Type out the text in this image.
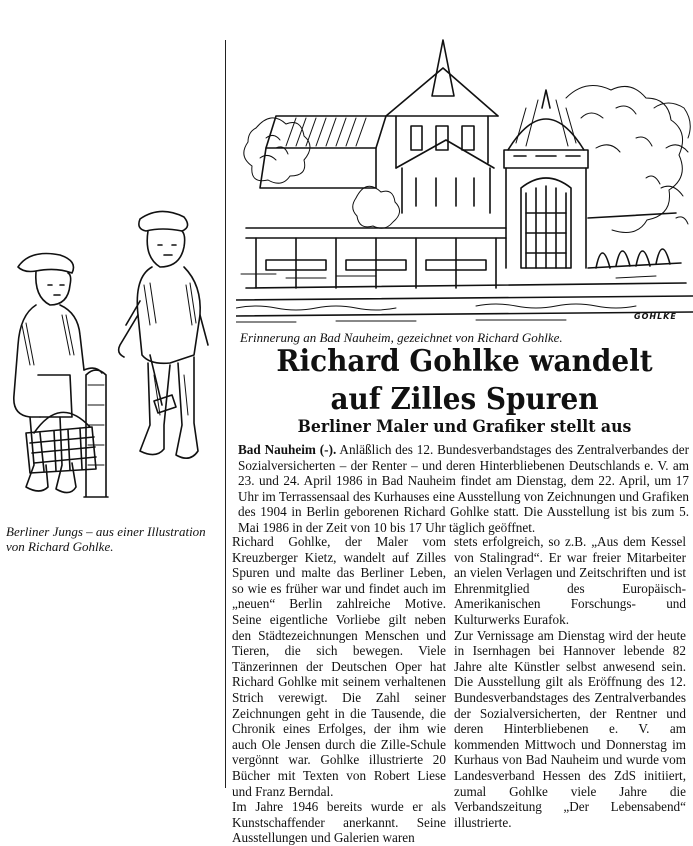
GOHLKE
Erinnerung an Bad Nauheim, gezeichnet von Richard Gohlke.
Berliner Jungs – aus einer Illustration von Richard Gohlke.
Richard Gohlke wandelt
auf Zilles Spuren
Berliner Maler und Grafiker stellt aus
Bad Nauheim (-). Anläßlich des 12. Bundesverbandstages des Zentralverbandes der Sozialversicherten – der Renter – und deren Hinterbliebenen Deutschlands e. V. am 23. und 24. April 1986 in Bad Nauheim findet am Dienstag, dem 22. April, um 17 Uhr im Terrassensaal des Kurhauses eine Ausstellung von Zeichnungen und Grafiken des 1904 in Berlin geborenen Richard Gohlke statt. Die Ausstellung ist bis zum 5. Mai 1986 in der Zeit von 10 bis 17 Uhr täglich geöffnet.

Richard Gohlke, der Maler vom Kreuzberger Kietz, wandelt auf Zilles Spuren und malte das Berliner Leben, so wie es früher war und findet auch im „neuen“ Berlin zahlreiche Motive. Seine eigentliche Vorliebe gilt neben den Städtezeichnungen Menschen und Tieren, die sich bewegen. Viele Tänzerinnen der Deutschen Oper hat Richard Gohlke mit seinem verhaltenen Strich verewigt. Die Zahl seiner Zeichnungen geht in die Tausende, die Chronik eines Erfolges, der ihm wie auch Ole Jensen durch die Zille-Schule vergönnt war. Gohlke illustrierte 20 Bücher mit Texten von Robert Liese und Franz Berndal.
Im Jahre 1946 bereits wurde er als Kunstschaffender anerkannt. Seine Ausstellungen und Galerien waren

stets erfolgreich, so z.B. „Aus dem Kessel von Stalingrad“. Er war freier Mitarbeiter an vielen Verlagen und Zeitschriften und ist Ehrenmitglied des Europäisch-Amerikanischen Forschungs- und Kulturwerks Eurafok.
Zur Vernissage am Dienstag wird der heute in Isernhagen bei Hannover lebende 82 Jahre alte Künstler selbst anwesend sein. Die Ausstellung gilt als Eröffnung des 12. Bundesverbandstages des Zentralverbandes der Sozialversicherten, der Rentner und deren Hinterbliebenen e. V. am kommenden Mittwoch und Donnerstag im Kurhaus von Bad Nauheim und wurde vom Landesverband Hessen des ZdS initiiert, zumal Gohlke viele Jahre die Verbandszeitung „Der Lebensabend“ illustrierte.
